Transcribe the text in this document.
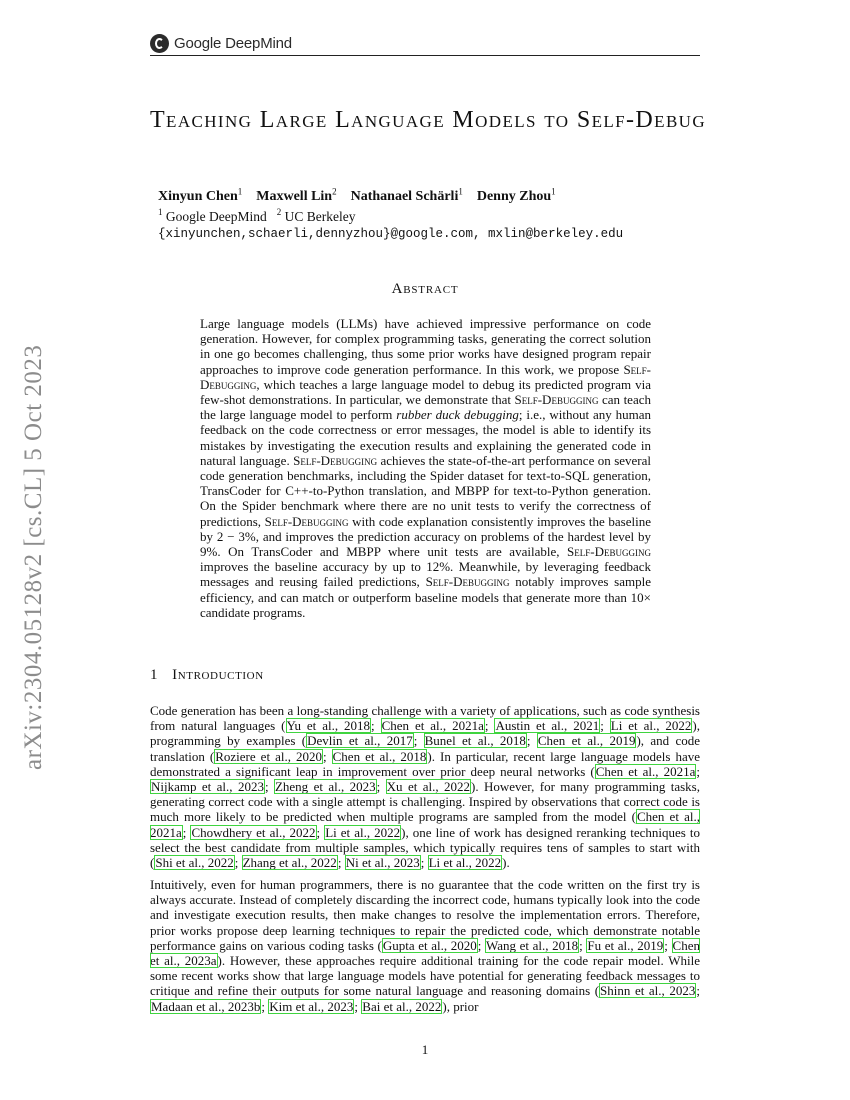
Google DeepMind
arXiv:2304.05128v2 [cs.CL] 5 Oct 2023
Teaching Large Language Models to Self-Debug
Xinyun Chen$^1$ Maxwell Lin$^2$ Nathanael Schärli$^1$ Denny Zhou$^1$
$^1$ Google DeepMind $^2$ UC Berkeley
{xinyunchen,schaerli,dennyzhou}@google.com, mxlin@berkeley.edu
Abstract
Large language models (LLMs) have achieved impressive performance on code generation. However, for complex programming tasks, generating the correct solution in one go becomes challenging, thus some prior works have designed program repair approaches to improve code generation performance. In this work, we propose Self-Debugging, which teaches a large language model to debug its predicted program via few-shot demonstrations. In particular, we demonstrate that Self-Debugging can teach the large language model to perform rubber duck debugging; i.e., without any human feedback on the code correctness or error messages, the model is able to identify its mistakes by investigating the execution results and explaining the generated code in natural language. Self-Debugging achieves the state-of-the-art performance on several code generation benchmarks, including the Spider dataset for text-to-SQL generation, TransCoder for C++-to-Python translation, and MBPP for text-to-Python generation. On the Spider benchmark where there are no unit tests to verify the correctness of predictions, Self-Debugging with code explanation consistently improves the baseline by 2 − 3%, and improves the prediction accuracy on problems of the hardest level by 9%. On TransCoder and MBPP where unit tests are available, Self-Debugging improves the baseline accuracy by up to 12%. Meanwhile, by leveraging feedback messages and reusing failed predictions, Self-Debugging notably improves sample efficiency, and can match or outperform baseline models that generate more than 10× candidate programs.
1 Introduction
Code generation has been a long-standing challenge with a variety of applications, such as code synthesis from natural languages (Yu et al., 2018; Chen et al., 2021a; Austin et al., 2021; Li et al., 2022), programming by examples (Devlin et al., 2017; Bunel et al., 2018; Chen et al., 2019), and code translation (Roziere et al., 2020; Chen et al., 2018). In particular, recent large language models have demonstrated a significant leap in improvement over prior deep neural networks (Chen et al., 2021a; Nijkamp et al., 2023; Zheng et al., 2023; Xu et al., 2022). However, for many programming tasks, generating correct code with a single attempt is challenging. Inspired by observations that correct code is much more likely to be predicted when multiple programs are sampled from the model (Chen et al., 2021a; Chowdhery et al., 2022; Li et al., 2022), one line of work has designed reranking techniques to select the best candidate from multiple samples, which typically requires tens of samples to start with (Shi et al., 2022; Zhang et al., 2022; Ni et al., 2023; Li et al., 2022).
Intuitively, even for human programmers, there is no guarantee that the code written on the first try is always accurate. Instead of completely discarding the incorrect code, humans typically look into the code and investigate execution results, then make changes to resolve the implementation errors. Therefore, prior works propose deep learning techniques to repair the predicted code, which demonstrate notable performance gains on various coding tasks (Gupta et al., 2020; Wang et al., 2018; Fu et al., 2019; Chen et al., 2023a). However, these approaches require additional training for the code repair model. While some recent works show that large language models have potential for generating feedback messages to critique and refine their outputs for some natural language and reasoning domains (Shinn et al., 2023; Madaan et al., 2023b; Kim et al., 2023; Bai et al., 2022), prior
1
